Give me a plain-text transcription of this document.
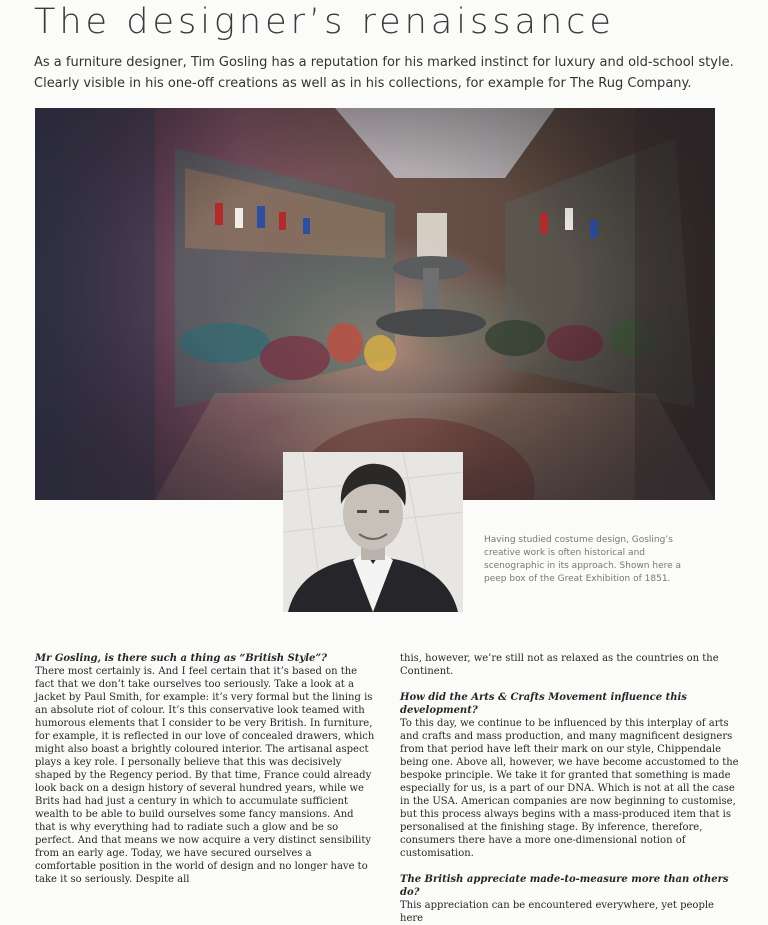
The designer’s renaissance

As a furniture designer, Tim Gosling has a reputation for his marked instinct for luxury and old-school style. Clearly visible in his one-off creations as well as in his collections, for example for The Rug Company.

Having studied costume design, Gosling’s creative work is often historical and scenographic in its approach. Shown here a peep box of the Great Exhibition of 1851.

Mr Gosling, is there such a thing as “British Style”?

There most certainly is. And I feel certain that it’s based on the fact that we don’t take ourselves too seriously. Take a look at a jacket by Paul Smith, for example: it’s very formal but the lining is an absolute riot of colour. It’s this conservative look teamed with humorous elements that I consider to be very British. In furniture, for example, it is reflected in our love of concealed drawers, which might also boast a brightly coloured interior. The artisanal aspect plays a key role. I personally believe that this was decisively shaped by the Regency period. By that time, France could already look back on a design history of several hundred years, while we Brits had had just a century in which to accumulate sufficient wealth to be able to build ourselves some fancy mansions. And that is why everything had to radiate such a glow and be so perfect. And that means we now acquire a very distinct sensibility from an early age. Today, we have secured ourselves a comfortable position in the world of design and no longer have to take it so seriously. Despite all

this, however, we’re still not as relaxed as the countries on the Continent.

How did the Arts & Crafts Movement influence this development?

To this day, we continue to be influenced by this interplay of arts and crafts and mass production, and many magnificent designers from that period have left their mark on our style, Chippendale being one. Above all, however, we have become accustomed to the bespoke principle. We take it for granted that something is made especially for us, is a part of our DNA. Which is not at all the case in the USA. American companies are now beginning to customise, but this process always begins with a mass-produced item that is personalised at the finishing stage. By inference, therefore, consumers there have a more one-dimensional notion of customisation.

The British appreciate made-to-measure more than others do?

This appreciation can be encountered everywhere, yet people here
